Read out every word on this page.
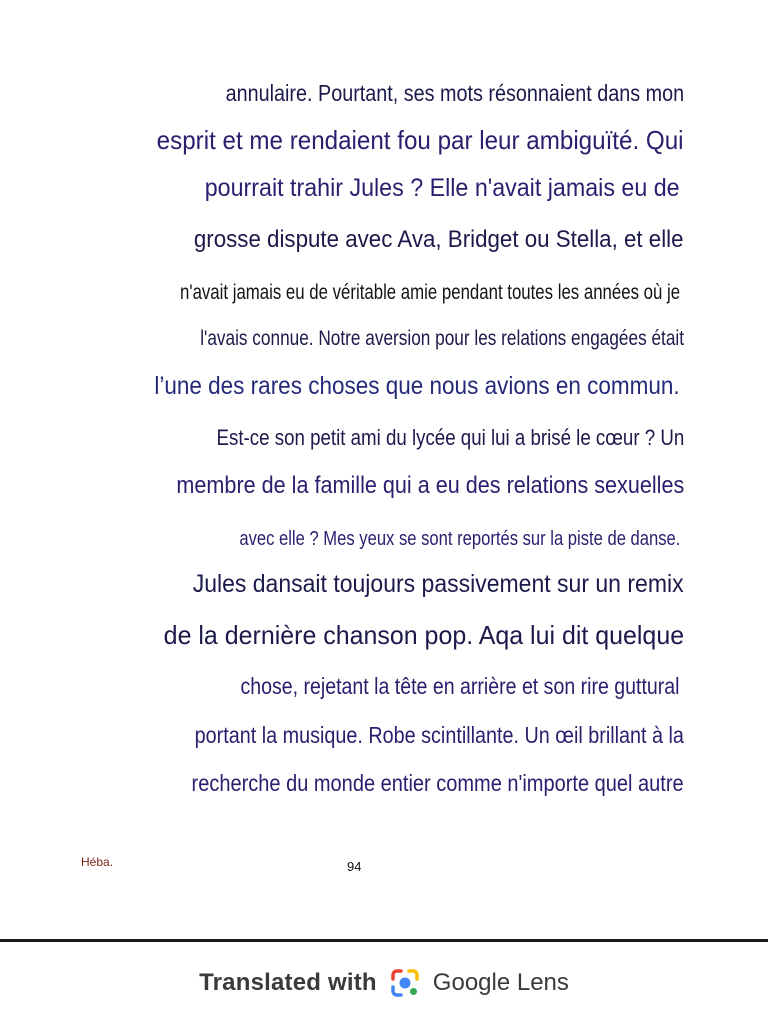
annulaire. Pourtant, ses mots résonnaient dans mon
esprit et me rendaient fou par leur ambiguïté. Qui
pourrait trahir Jules ? Elle n'avait jamais eu de
grosse dispute avec Ava, Bridget ou Stella, et elle
n'avait jamais eu de véritable amie pendant toutes les années où je
l'avais connue. Notre aversion pour les relations engagées était
l’une des rares choses que nous avions en commun.
Est-ce son petit ami du lycée qui lui a brisé le cœur ? Un
membre de la famille qui a eu des relations sexuelles
avec elle ? Mes yeux se sont reportés sur la piste de danse.
Jules dansait toujours passivement sur un remix
de la dernière chanson pop. Aqa lui dit quelque
chose, rejetant la tête en arrière et son rire guttural
portant la musique. Robe scintillante. Un œil brillant à la
recherche du monde entier comme n'importe quel autre
Héba.	94
Translated with Google Lens
